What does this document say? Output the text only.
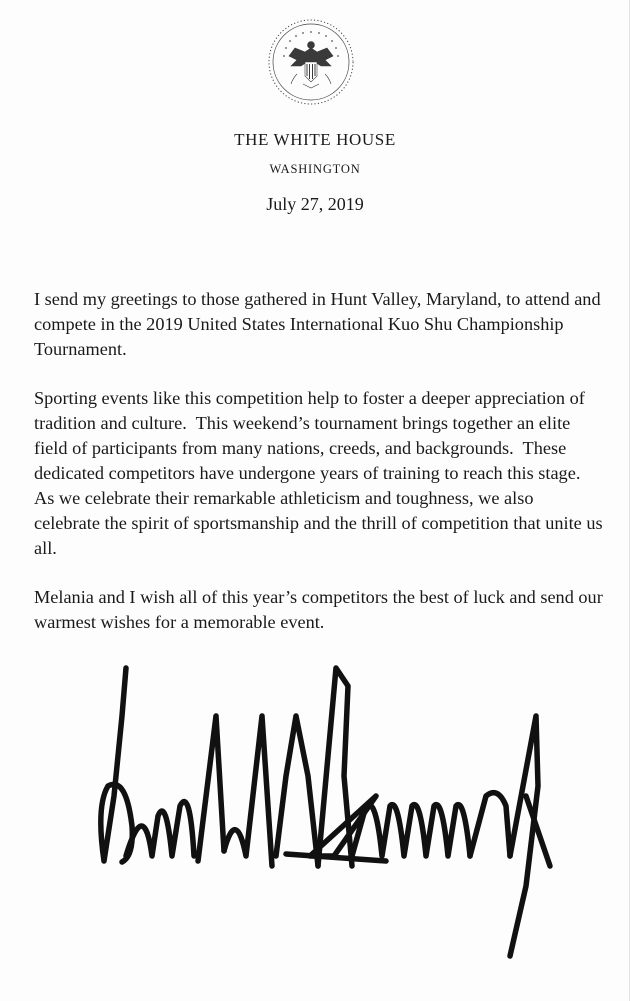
THE WHITE HOUSE
WASHINGTON
July 27, 2019

I send my greetings to those gathered in Hunt Valley, Maryland, to attend and compete in the 2019 United States International Kuo Shu Championship Tournament.

Sporting events like this competition help to foster a deeper appreciation of tradition and culture.  This weekend’s tournament brings together an elite field of participants from many nations, creeds, and backgrounds.  These dedicated competitors have undergone years of training to reach this stage.  As we celebrate their remarkable athleticism and toughness, we also celebrate the spirit of sportsmanship and the thrill of competition that unite us all.

Melania and I wish all of this year’s competitors the best of luck and send our warmest wishes for a memorable event.
